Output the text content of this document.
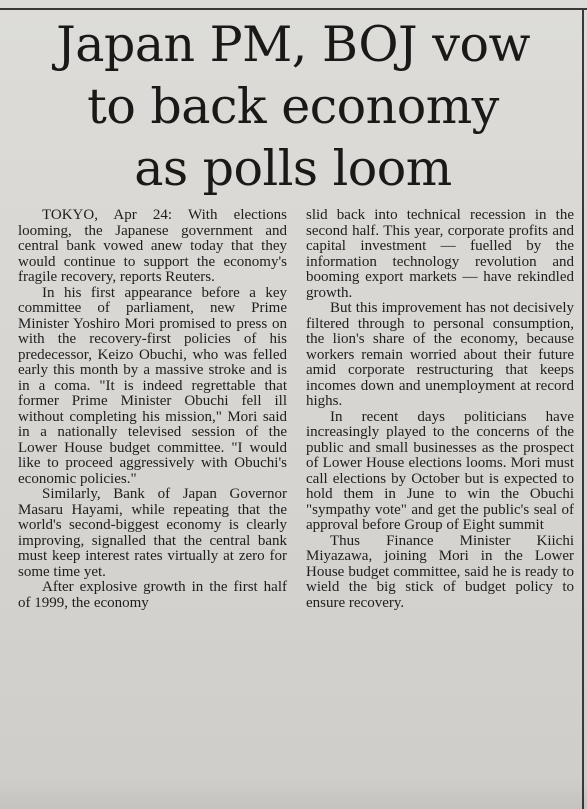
Japan PM, BOJ vow
to back economy
as polls loom

TOKYO, Apr 24: With elections looming, the Japanese government and central bank vowed anew today that they would continue to support the economy's fragile recovery, reports Reuters.

In his first appearance before a key committee of parliament, new Prime Minister Yoshiro Mori promised to press on with the recovery-first policies of his predecessor, Keizo Obuchi, who was felled early this month by a massive stroke and is in a coma. "It is indeed regrettable that former Prime Minister Obuchi fell ill without completing his mission," Mori said in a nationally televised session of the Lower House budget committee. "I would like to proceed aggressively with Obuchi's economic policies."

Similarly, Bank of Japan Governor Masaru Hayami, while repeating that the world's second-biggest economy is clearly improving, signalled that the central bank must keep interest rates virtually at zero for some time yet.

After explosive growth in the first half of 1999, the economy

slid back into technical recession in the second half. This year, corporate profits and capital investment — fuelled by the information technology revolution and booming export markets — have rekindled growth.

But this improvement has not decisively filtered through to personal consumption, the lion's share of the economy, because workers remain worried about their future amid corporate restructuring that keeps incomes down and unemployment at record highs.

In recent days politicians have increasingly played to the concerns of the public and small businesses as the prospect of Lower House elections looms. Mori must call elections by October but is expected to hold them in June to win the Obuchi "sympathy vote" and get the public's seal of approval before Group of Eight summit

Thus Finance Minister Kiichi Miyazawa, joining Mori in the Lower House budget committee, said he is ready to wield the big stick of budget policy to ensure recovery.
